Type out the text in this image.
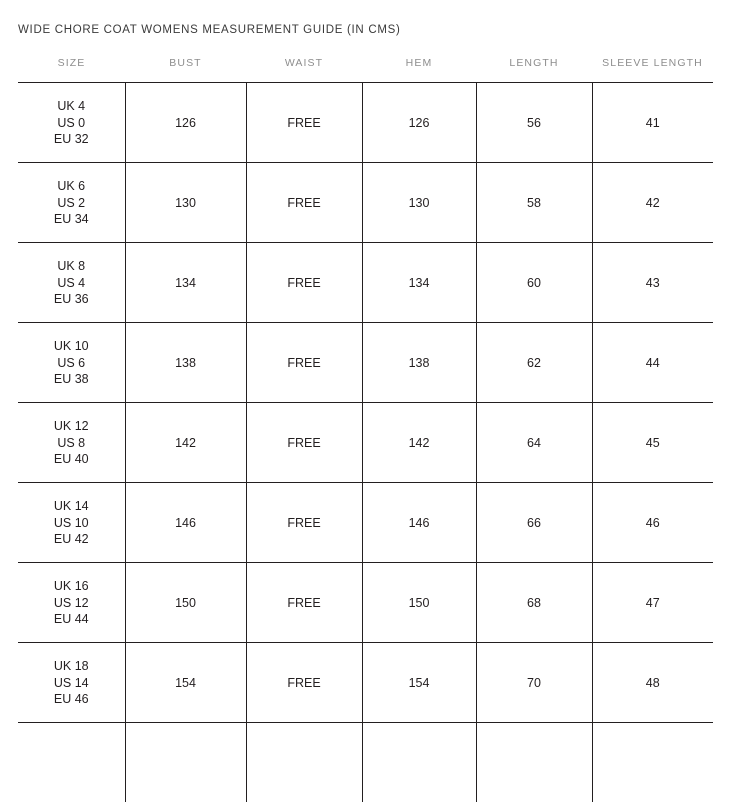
WIDE CHORE COAT WOMENS MEASUREMENT GUIDE (IN CMS)
SIZE	BUST	WAIST	HEM	LENGTH	SLEEVE LENGTH

UK 4
US 0
EU 32	126	FREE	126	56	41

UK 6
US 2
EU 34	130	FREE	130	58	42

UK 8
US 4
EU 36	134	FREE	134	60	43

UK 10
US 6
EU 38	138	FREE	138	62	44

UK 12
US 8
EU 40	142	FREE	142	64	45

UK 14
US 10
EU 42	146	FREE	146	66	46

UK 16
US 12
EU 44	150	FREE	150	68	47

UK 18
US 14
EU 46	154	FREE	154	70	48
